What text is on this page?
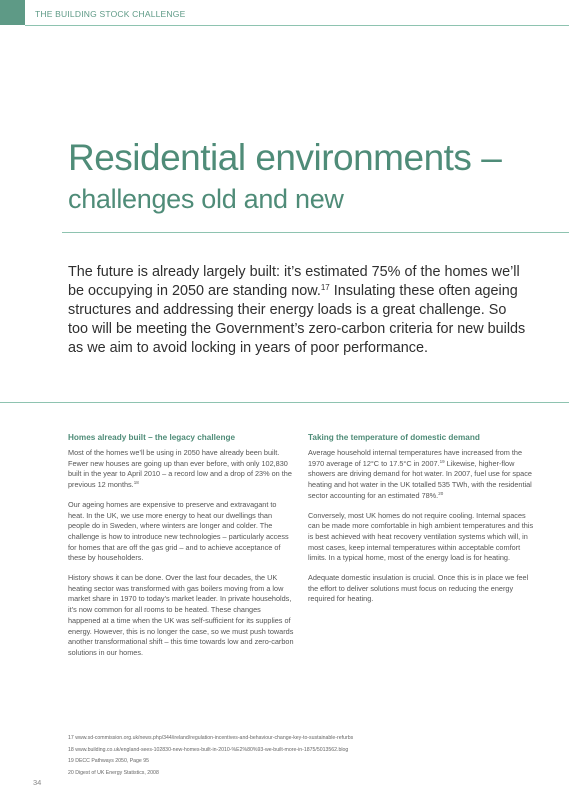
THE BUILDING STOCK CHALLENGE
Residential environments –
challenges old and new

The future is already largely built: it’s estimated 75% of the homes we’ll be occupying in 2050 are standing now.$^{17}$ Insulating these often ageing structures and addressing their energy loads is a great challenge. So too will be meeting the Government’s zero-carbon criteria for new builds as we aim to avoid locking in years of poor performance.

Homes already built – the legacy challenge

Most of the homes we’ll be using in 2050 have already been built. Fewer new houses are going up than ever before, with only 102,830 built in the year to April 2010 – a record low and a drop of 23% on the previous 12 months.$^{18}$

Our ageing homes are expensive to preserve and extravagant to heat. In the UK, we use more energy to heat our dwellings than people do in Sweden, where winters are longer and colder. The challenge is how to introduce new technologies – particularly access for homes that are off the gas grid – and to achieve acceptance of these by householders.

History shows it can be done. Over the last four decades, the UK heating sector was transformed with gas boilers moving from a low market share in 1970 to today’s market leader. In private households, it’s now common for all rooms to be heated. These changes happened at a time when the UK was self-sufficient for its supplies of energy. However, this is no longer the case, so we must push towards another transformational shift – this time towards low and zero-carbon solutions in our homes.

Taking the temperature of domestic demand

Average household internal temperatures have increased from the 1970 average of 12°C to 17.5°C in 2007.19 Likewise, higher-flow showers are driving demand for hot water. In 2007, fuel use for space heating and hot water in the UK totalled 535 TWh, with the residential sector accounting for an estimated 78%.$^{20}$

Conversely, most UK homes do not require cooling. Internal spaces can be made more comfortable in high ambient temperatures and this is best achieved with heat recovery ventilation systems which will, in most cases, keep internal temperatures within acceptable comfort limits. In a typical home, most of the energy load is for heating.

Adequate domestic insulation is crucial. Once this is in place we feel the effort to deliver solutions must focus on reducing the energy required for heating.

17 www.sd-commission.org.uk/news.php/344/ireland/regulation-incentives-and-behaviour-change-key-to-sustainable-refurbs
18 www.building.co.uk/england-sees-102830-new-homes-built-in-2010-%E2%80%93-we-built-more-in-1875/5013562.blog
19 DECC Pathways 2050, Page 95
20 Digest of UK Energy Statistics, 2008
34
